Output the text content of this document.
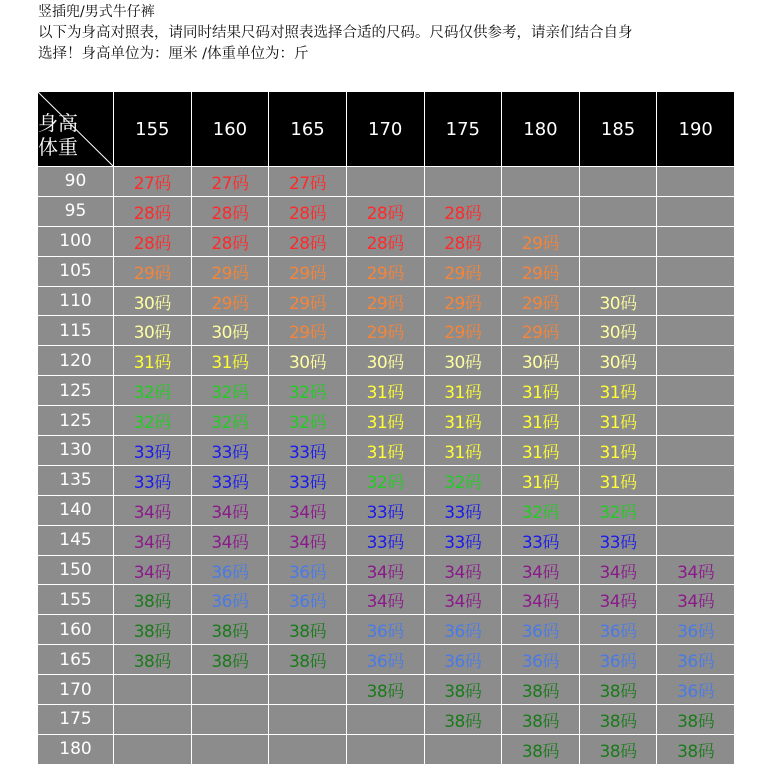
竖插兜/男式牛仔裤
以下为身高对照表，请同时结果尺码对照表选择合适的尺码。尺码仅供参考，请亲们结合自身
选择！身高单位为：厘米 /体重单位为：斤
身高
体重	155	160	165	170	175	180	185	190
90	27码	27码	27码					
95	28码	28码	28码	28码	28码			
100	28码	28码	28码	28码	28码	29码		
105	29码	29码	29码	29码	29码	29码		
110	30码	29码	29码	29码	29码	29码	30码	
115	30码	30码	29码	29码	29码	29码	30码	
120	31码	31码	30码	30码	30码	30码	30码	
125	32码	32码	32码	31码	31码	31码	31码	
125	32码	32码	32码	31码	31码	31码	31码	
130	33码	33码	33码	31码	31码	31码	31码	
135	33码	33码	33码	32码	32码	31码	31码	
140	34码	34码	34码	33码	33码	32码	32码	
145	34码	34码	34码	33码	33码	33码	33码	
150	34码	36码	36码	34码	34码	34码	34码	34码
155	38码	36码	36码	34码	34码	34码	34码	34码
160	38码	38码	38码	36码	36码	36码	36码	36码
165	38码	38码	38码	36码	36码	36码	36码	36码
170				38码	38码	38码	38码	36码
175					38码	38码	38码	38码
180						38码	38码	38码
